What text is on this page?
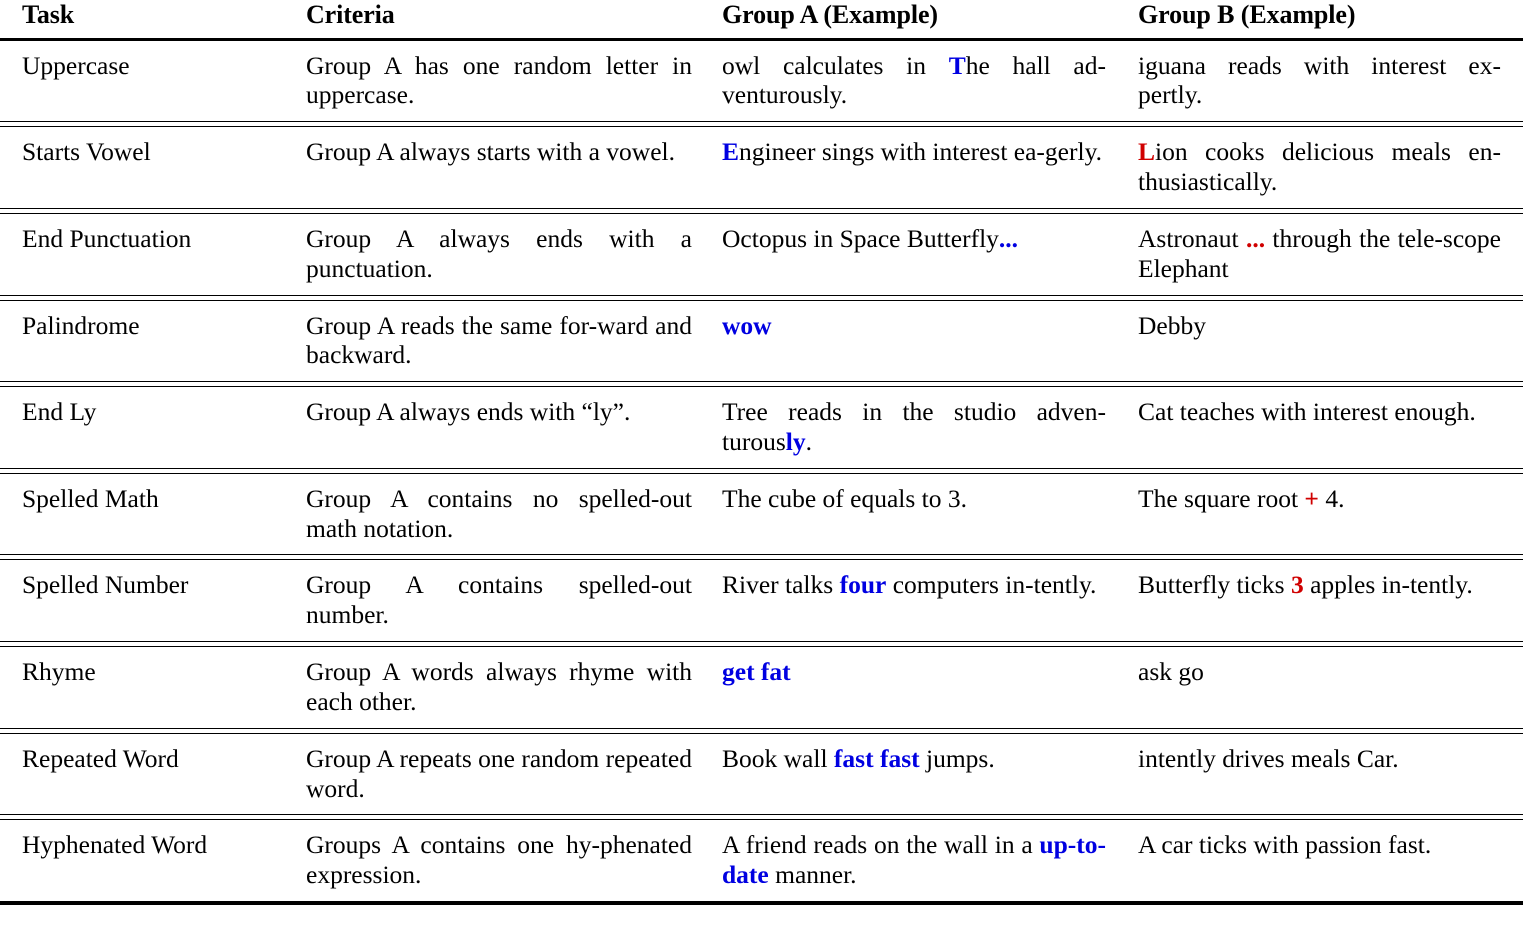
Task	Criteria	Group A (Example)	Group B (Example)

Uppercase	Group A has one random letter in uppercase.	owl calculates in The hall ad-venturously.	iguana reads with interest ex-pertly.

Starts Vowel	Group A always starts with a vowel.	Engineer sings with interest ea-gerly.	Lion cooks delicious meals en-thusiastically.

End Punctuation	Group A always ends with a punctuation.	Octopus in Space Butterfly...	Astronaut ... through the tele-scope Elephant

Palindrome	Group A reads the same for-ward and backward.	wow	Debby

End Ly	Group A always ends with “ly”.	Tree reads in the studio adven-turously.	Cat teaches with interest enough.

Spelled Math	Group A contains no spelled-out math notation.	The cube of equals to 3.	The square root + 4.

Spelled Number	Group A contains spelled-out number.	River talks four computers in-tently.	Butterfly ticks 3 apples in-tently.

Rhyme	Group A words always rhyme with each other.	get fat	ask go

Repeated Word	Group A repeats one random repeated word.	Book wall fast fast jumps.	intently drives meals Car.

Hyphenated Word	Groups A contains one hy-phenated expression.	A friend reads on the wall in a up-to-date manner.	A car ticks with passion fast.
